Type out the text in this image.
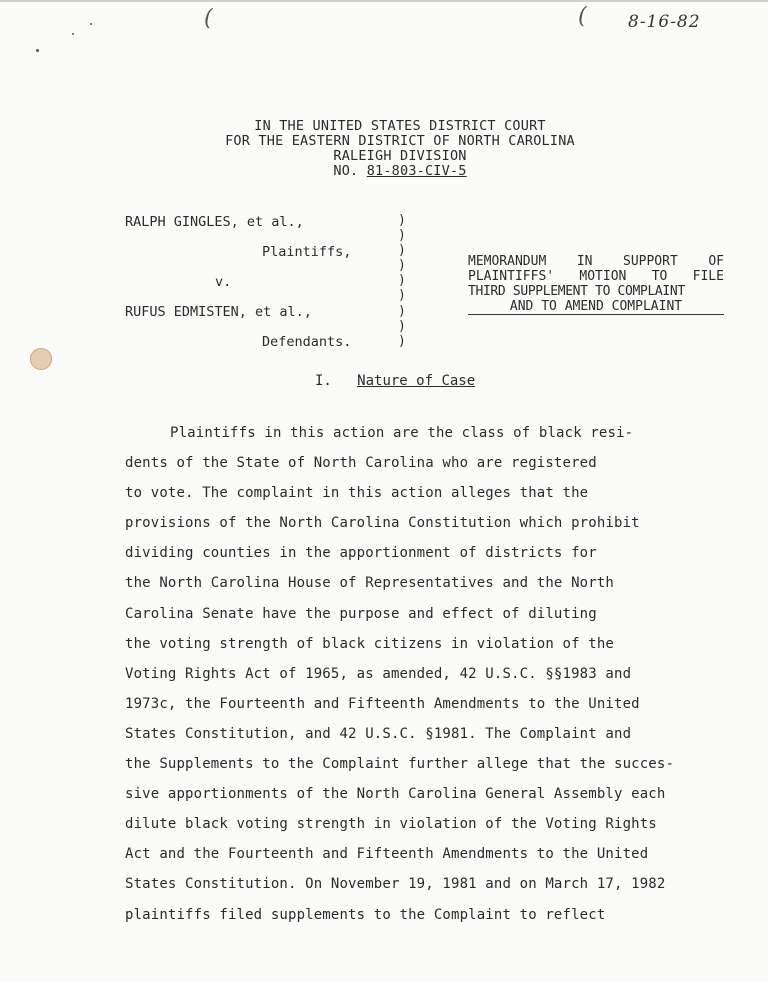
(	( 8-16-82
IN THE UNITED STATES DISTRICT COURT
FOR THE EASTERN DISTRICT OF NORTH CAROLINA
RALEIGH DIVISION
NO. 81-803-CIV-5
RALPH GINGLES, et al.,
Plaintiffs,
v.
RUFUS EDMISTEN, et al.,
Defendants.
)
)
)
)
)
)
)
)
)
MEMORANDUM IN SUPPORT OF
PLAINTIFFS' MOTION TO FILE
THIRD SUPPLEMENT TO COMPLAINT
AND TO AMEND COMPLAINT
I. Nature of Case
Plaintiffs in this action are the class of black resi-
dents of the State of North Carolina who are registered
to vote. The complaint in this action alleges that the
provisions of the North Carolina Constitution which prohibit
dividing counties in the apportionment of districts for
the North Carolina House of Representatives and the North
Carolina Senate have the purpose and effect of diluting
the voting strength of black citizens in violation of the
Voting Rights Act of 1965, as amended, 42 U.S.C. §§1983 and
1973c, the Fourteenth and Fifteenth Amendments to the United
States Constitution, and 42 U.S.C. §1981. The Complaint and
the Supplements to the Complaint further allege that the succes-
sive apportionments of the North Carolina General Assembly each
dilute black voting strength in violation of the Voting Rights
Act and the Fourteenth and Fifteenth Amendments to the United
States Constitution. On November 19, 1981 and on March 17, 1982
plaintiffs filed supplements to the Complaint to reflect
